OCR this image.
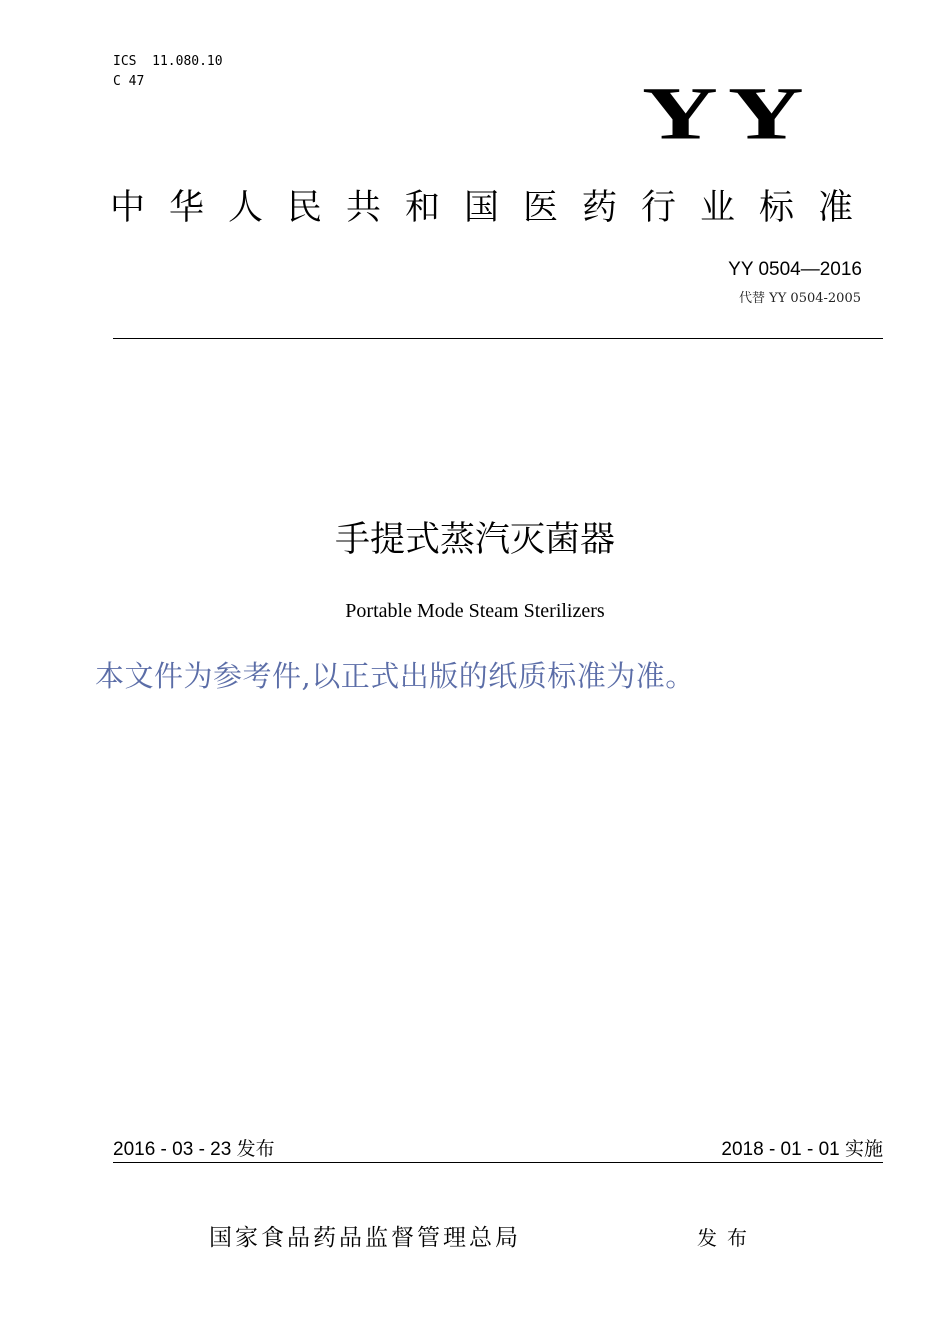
ICS  11.080.10
C 47	YY
中华人民共和国医药行业标准
YY 0504—2016
代替 YY 0504-2005
手提式蒸汽灭菌器
Portable Mode Steam Sterilizers
本文件为参考件,以正式出版的纸质标准为准。
2016 - 03 - 23 发布	2018 - 01 - 01 实施
国家食品药品监督管理总局	发布
